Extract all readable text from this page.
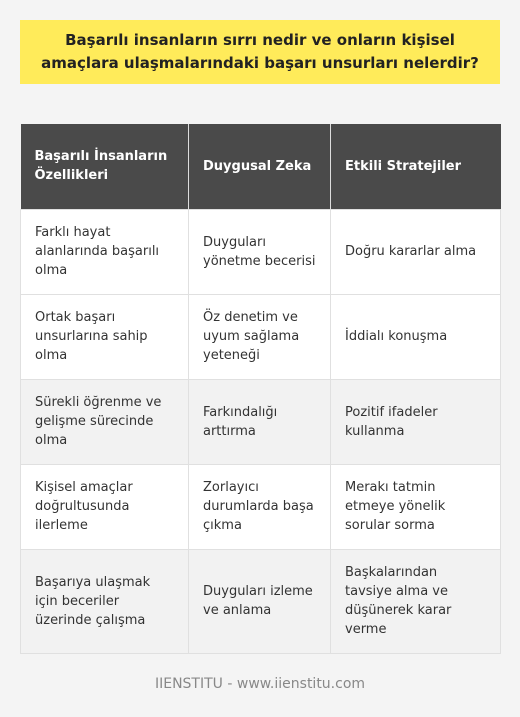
Başarılı insanların sırrı nedir ve onların kişisel amaçlara ulaşmalarındaki başarı unsurları nelerdir?
Başarılı İnsanların Özellikleri	Duygusal Zeka	Etkili Stratejiler
Farklı hayat alanlarında başarılı olma	Duyguları yönetme becerisi	Doğru kararlar alma
Ortak başarı unsurlarına sahip olma	Öz denetim ve uyum sağlama yeteneği	İddialı konuşma
Sürekli öğrenme ve gelişme sürecinde olma	Farkındalığı arttırma	Pozitif ifadeler kullanma
Kişisel amaçlar doğrultusunda ilerleme	Zorlayıcı durumlarda başa çıkma	Merakı tatmin etmeye yönelik sorular sorma
Başarıya ulaşmak için beceriler üzerinde çalışma	Duyguları izleme ve anlama	Başkalarından tavsiye alma ve düşünerek karar verme
IIENSTITU - www.iienstitu.com
